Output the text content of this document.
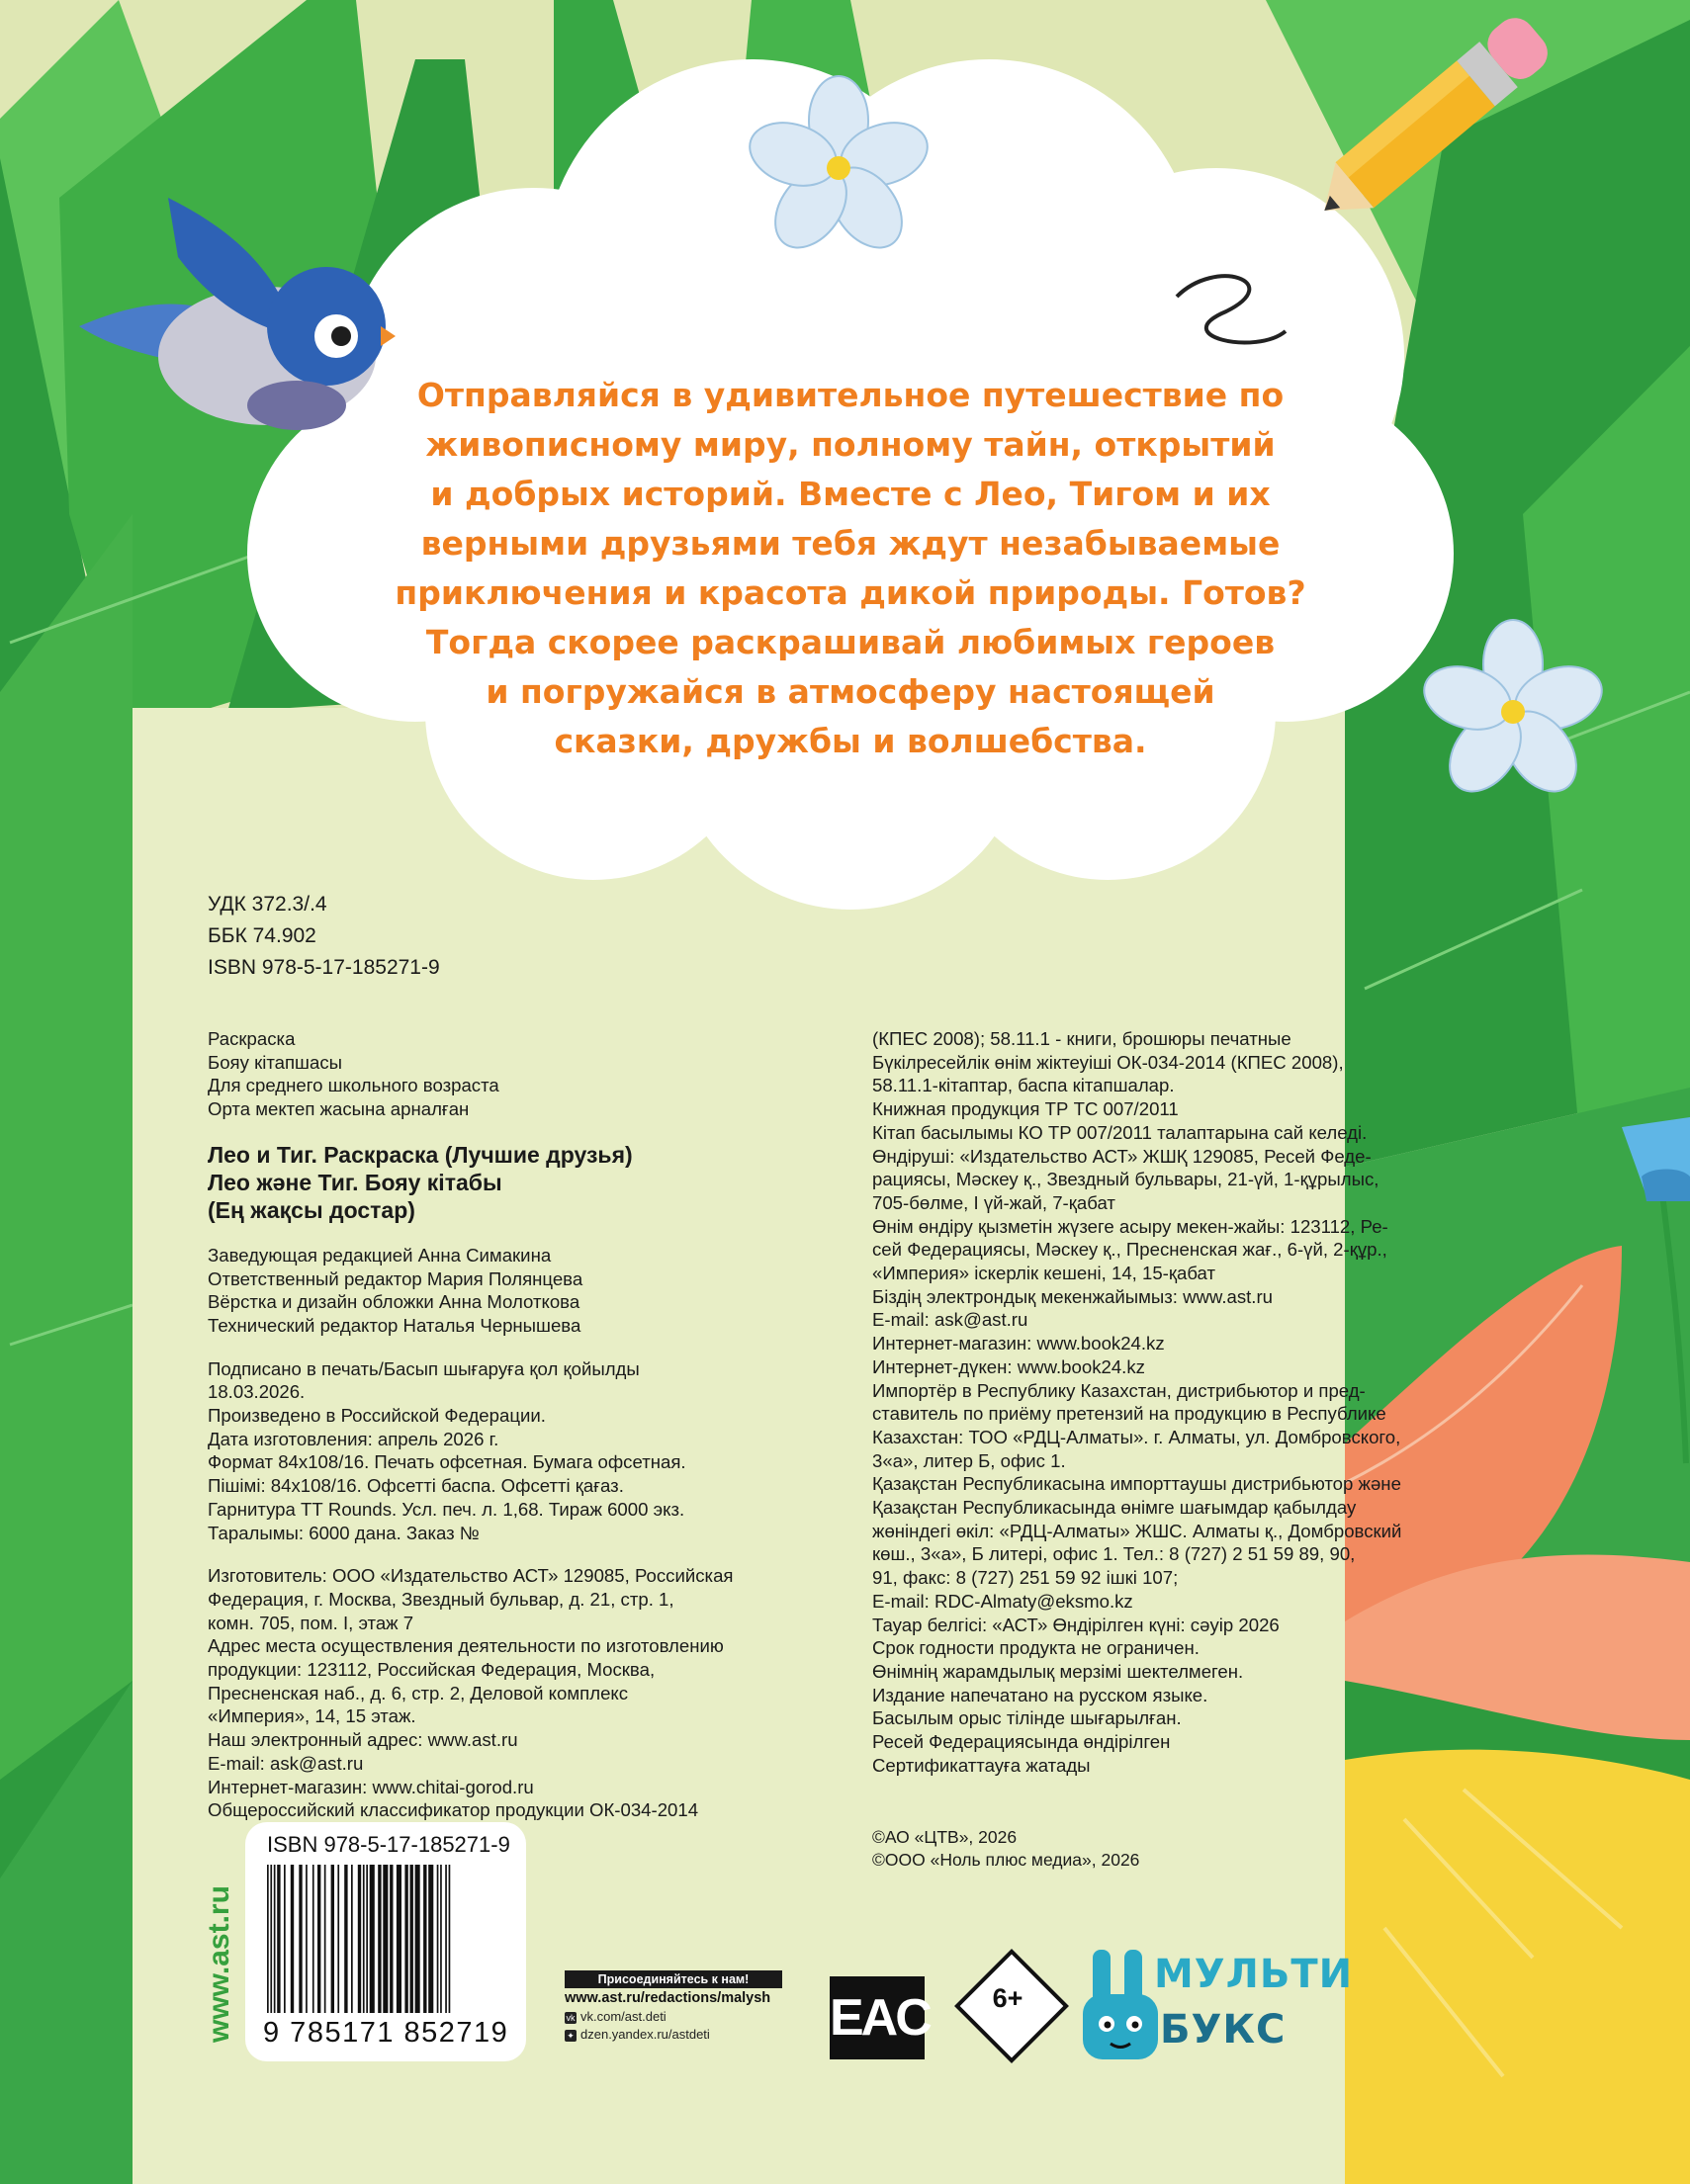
Отправляйся в удивительное путешествие по
живописному миру, полному тайн, открытий
и добрых историй. Вместе с Лео, Тигом и их
верными друзьями тебя ждут незабываемые
приключения и красота дикой природы. Готов?
Тогда скорее раскрашивай любимых героев
и погружайся в атмосферу настоящей
сказки, дружбы и волшебства.

УДК 372.3/.4
ББК 74.902
ISBN 978-5-17-185271-9
Раскраска
Бояу кітапшасы
Для среднего школьного возраста
Орта мектеп жасына арналған
Лео и Тиг. Раскраска (Лучшие друзья)
Лео және Тиг. Бояу кітабы
(Ең жақсы достар)
Заведующая редакцией Анна Симакина
Ответственный редактор Мария Полянцева
Вёрстка и дизайн обложки Анна Молоткова
Технический редактор Наталья Чернышева
Подписано в печать/Басып шығаруға қол қойылды
18.03.2026.
Произведено в Российской Федерации.
Дата изготовления: апрель 2026 г.
Формат 84x108/16. Печать офсетная. Бумага офсетная.
Пішімі: 84x108/16. Офсетті баспа. Офсетті қағаз.
Гарнитура ТТ Rounds. Усл. печ. л. 1,68. Тираж 6000 экз.
Таралымы: 6000 дана. Заказ №
Изготовитель: ООО «Издательство АСТ» 129085, Российская
Федерация, г. Москва, Звездный бульвар, д. 21, стр. 1,
комн. 705, пом. I, этаж 7
Адрес места осуществления деятельности по изготовлению
продукции: 123112, Российская Федерация, Москва,
Пресненская наб., д. 6, стр. 2, Деловой комплекс
«Империя», 14, 15 этаж.
Наш электронный адрес: www.ast.ru
E-mail: ask@ast.ru
Интернет-магазин: www.chitai-gorod.ru
Общероссийский классификатор продукции ОК-034-2014
(КПЕС 2008); 58.11.1 - книги, брошюры печатные
Бүкілресейлік өнім жіктеуіші ОК-034-2014 (КПЕС 2008),
58.11.1-кітаптар, баспа кітапшалар.
Книжная продукция ТР ТС 007/2011
Кітап басылымы КО ТР 007/2011 талаптарына сай келеді.
Өндіруші: «Издательство АСТ» ЖШҚ 129085, Ресей Феде-
рациясы, Мәскеу қ., Звездный бульвары, 21-үй, 1-құрылыс,
705-бөлме, I үй-жай, 7-қабат
Өнім өндіру қызметін жүзеге асыру мекен-жайы: 123112, Ре-
сей Федерациясы, Мәскеу қ., Пресненская жағ., 6-үй, 2-құр.,
«Империя» іскерлік кешені, 14, 15-қабат
Біздің электрондық мекенжайымыз: www.ast.ru
E-mail: ask@ast.ru
Интернет-магазин: www.book24.kz
Интернет-дүкен: www.book24.kz
Импортёр в Республику Казахстан, дистрибьютор и пред-
ставитель по приёму претензий на продукцию в Республике
Казахстан: ТОО «РДЦ-Алматы». г. Алматы, ул. Домбровского,
3«а», литер Б, офис 1.
Қазақстан Республикасына импорттаушы дистрибьютор және
Қазақстан Республикасында өнімге шағымдар қабылдау
жөніндегі өкіл: «РДЦ-Алматы» ЖШС. Алматы қ., Домбровский
көш., 3«а», Б литері, офис 1. Тел.: 8 (727) 2 51 59 89, 90,
91, факс: 8 (727) 251 59 92 ішкі 107;
E-mail: RDC-Almaty@eksmo.kz
Тауар белгісі: «АСТ» Өндірілген күні: сәуір 2026
Срок годности продукта не ограничен.
Өнімнің жарамдылық мерзімі шектелмеген.
Издание напечатано на русском языке.
Басылым орыс тілінде шығарылған.
Ресей Федерациясында өндірілген
Сертификаттауға жатады
©АО «ЦТВ», 2026
©ООО «Ноль плюс медиа», 2026
www.ast.ru
ISBN 978-5-17-185271-9
9 785171 852719
Присоединяйтесь к нам!
www.ast.ru/redactions/malysh
vk vk.com/ast.deti
✦ dzen.yandex.ru/astdeti	EAC	6+
МУЛЬТИ
БУКС
